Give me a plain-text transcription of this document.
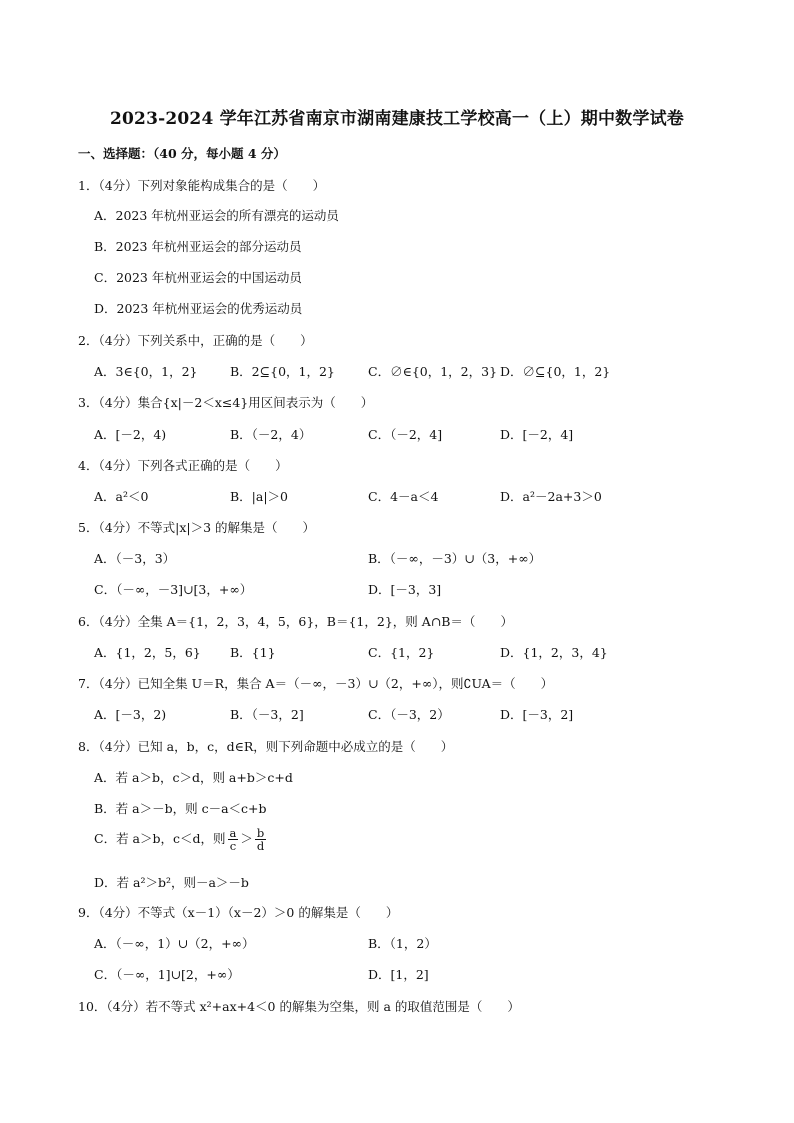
2023-2024 学年江苏省南京市湖南建康技工学校高一（上）期中数学试卷
一、选择题：（40 分，每小题 4 分）
1．（4分）下列对象能构成集合的是（　　）
A．2023 年杭州亚运会的所有漂亮的运动员
B．2023 年杭州亚运会的部分运动员
C．2023 年杭州亚运会的中国运动员
D．2023 年杭州亚运会的优秀运动员
2．（4分）下列关系中，正确的是（　　）
A．3∈{0，1，2}	B．2⊆{0，1，2}	C．∅∈{0，1，2，3} D．∅⊆{0，1，2}
3．（4分）集合{x|－2＜x≤4}用区间表示为（　　）
A．[－2，4)	B．（－2，4）	C．（－2，4]	D．[－2，4]
4．（4分）下列各式正确的是（　　）
A．a²＜0	B．|a|＞0	C．4－a＜4	D．a²－2a+3＞0
5．（4分）不等式|x|＞3 的解集是（　　）
A．（－3，3）	B．（－∞，－3）∪（3，+∞）
C．（－∞，－3]∪[3，+∞）	D．[－3，3]
6．（4分）全集 A＝{1，2，3，4，5，6}，B＝{1，2}，则 A∩B＝（　　）
A．{1，2，5，6} B．{1}	C．{1，2}	D．{1，2，3，4}
7．（4分）已知全集 U＝R，集合 A＝（－∞，－3）∪（2，+∞），则∁UA＝（　　）
A．[－3，2)	B．（－3，2]	C．（－3，2）	D．[－3，2]
8．（4分）已知 a，b，c，d∈R，则下列命题中必成立的是（　　）
A．若 a＞b，c＞d，则 a+b＞c+d
B．若 a＞－b，则 c－a＜c+b
C．若 a＞b，c＜d，则 $\frac{a}{c} > \frac{b}{d}$
D．若 a²＞b²，则－a＞－b
9．（4分）不等式（x－1）（x－2）＞0 的解集是（　　）
A．（－∞，1）∪（2，+∞）	B．（1，2）
C．（－∞，1]∪[2，+∞）	D．[1，2]
10．（4分）若不等式 x²+ax+4＜0 的解集为空集，则 a 的取值范围是（　　）
